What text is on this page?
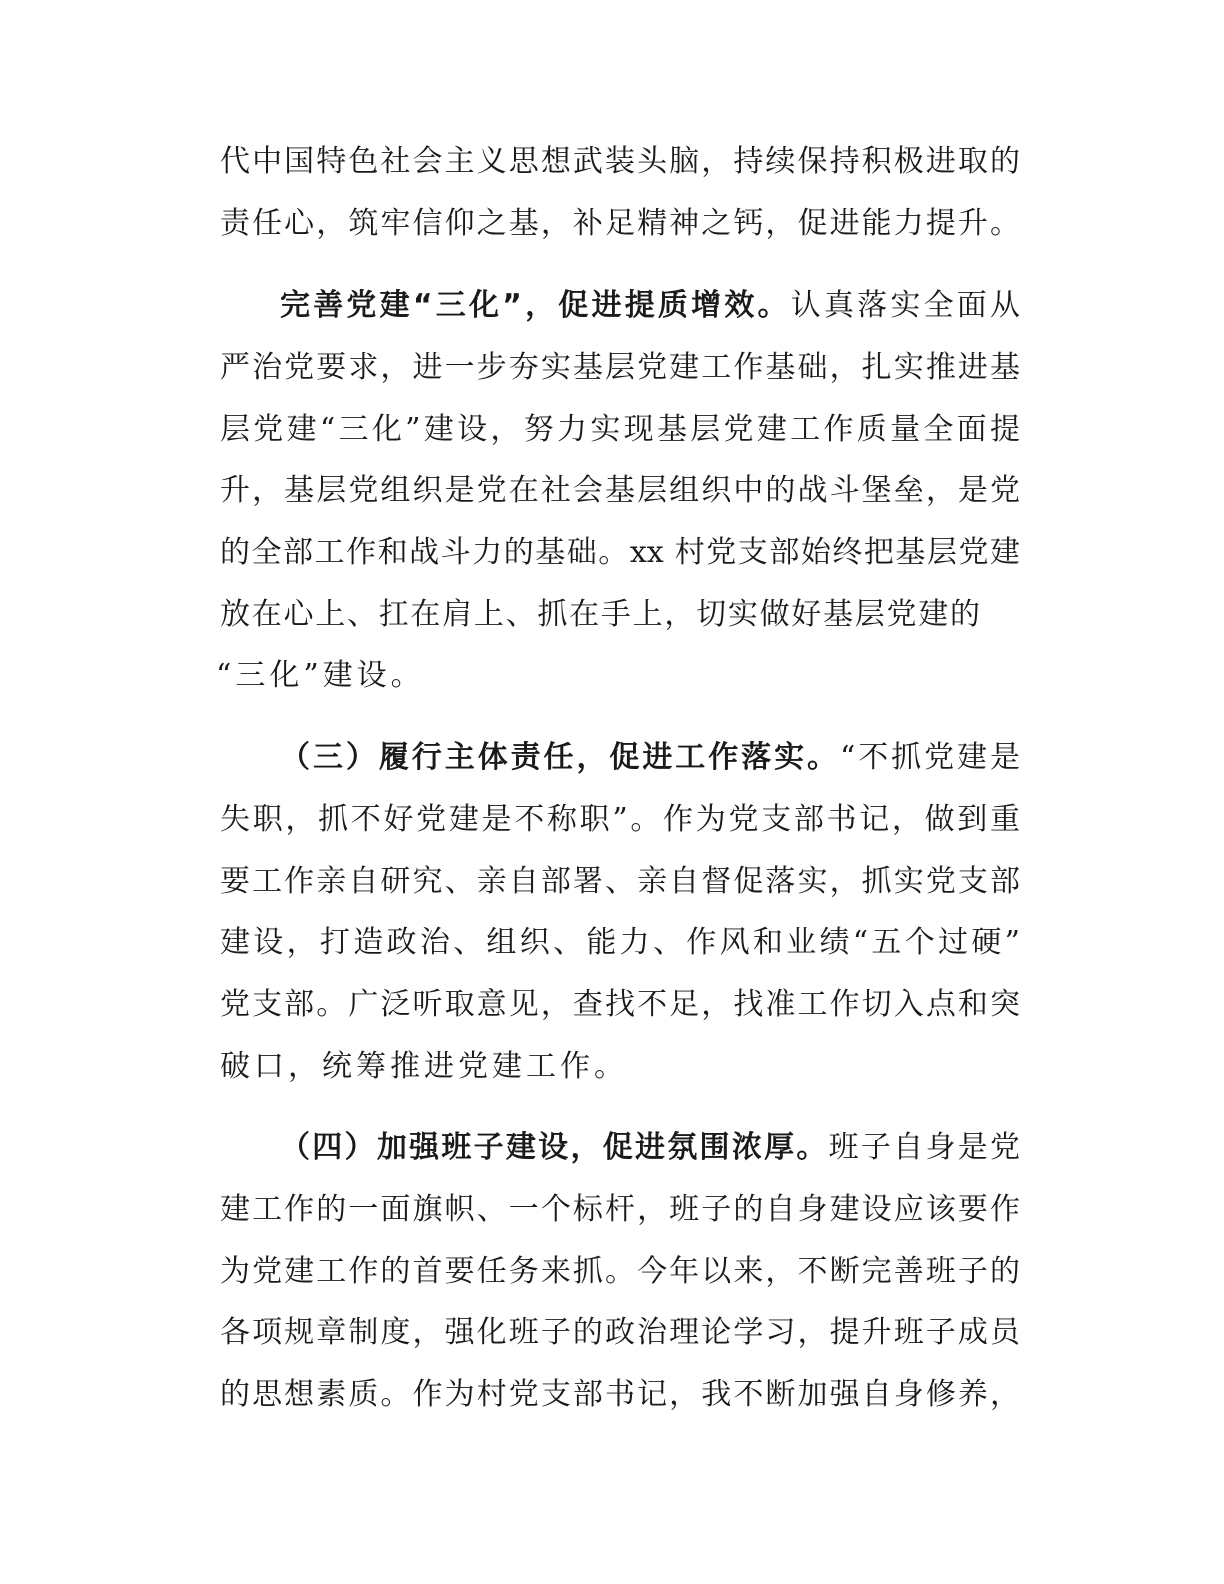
代中国特色社会主义思想武装头脑，持续保持积极进取的
责任心，筑牢信仰之基，补足精神之钙，促进能力提升。
完善党建“三化”，促进提质增效。认真落实全面从
严治党要求，进一步夯实基层党建工作基础，扎实推进基
层党建“三化”建设，努力实现基层党建工作质量全面提
升，基层党组织是党在社会基层组织中的战斗堡垒，是党
的全部工作和战斗力的基础。xx 村党支部始终把基层党建
放在心上、扛在肩上、抓在手上，切实做好基层党建的
“三化”建设。
（三）履行主体责任，促进工作落实。“不抓党建是
失职，抓不好党建是不称职”。作为党支部书记，做到重
要工作亲自研究、亲自部署、亲自督促落实，抓实党支部
建设，打造政治、组织、能力、作风和业绩“五个过硬”
党支部。广泛听取意见，查找不足，找准工作切入点和突
破口，统筹推进党建工作。
（四）加强班子建设，促进氛围浓厚。班子自身是党
建工作的一面旗帜、一个标杆，班子的自身建设应该要作
为党建工作的首要任务来抓。今年以来，不断完善班子的
各项规章制度，强化班子的政治理论学习，提升班子成员
的思想素质。作为村党支部书记，我不断加强自身修养，
